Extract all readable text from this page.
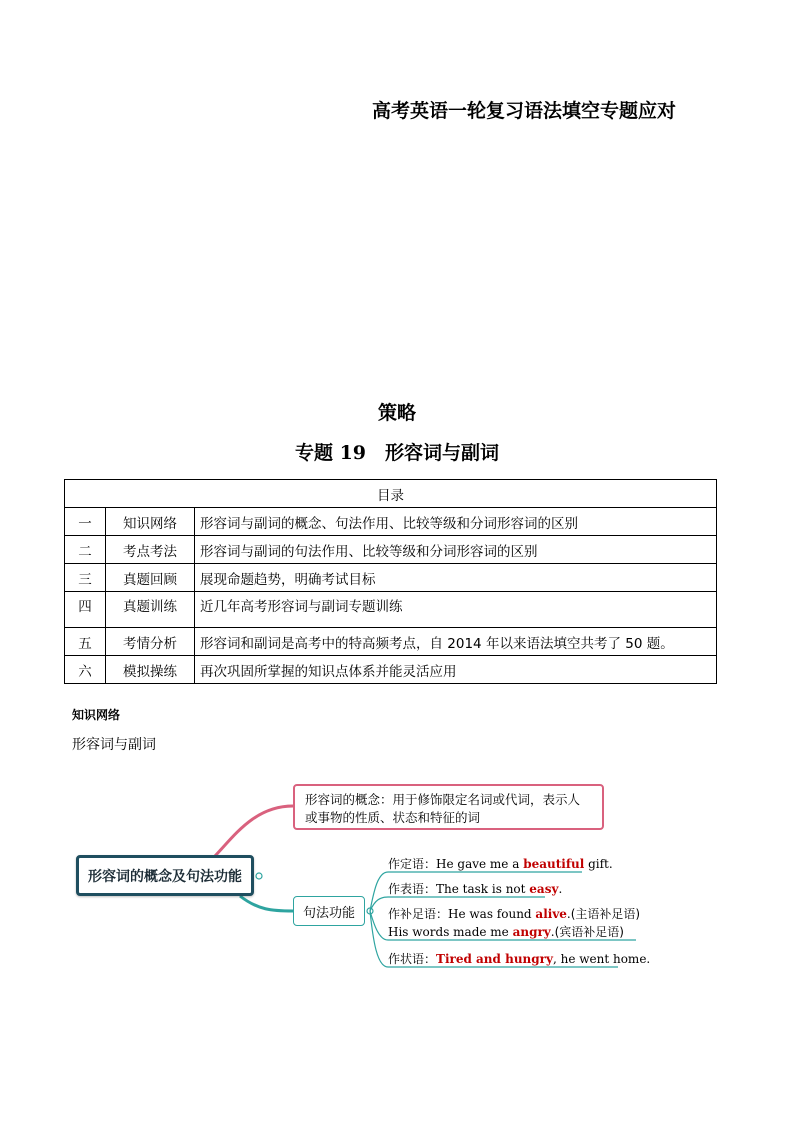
高考英语一轮复习语法填空专题应对
策略
专题 19　形容词与副词
目录		
一	知识网络	形容词与副词的概念、句法作用、比较等级和分词形容词的区别
二	考点考法	形容词与副词的句法作用、比较等级和分词形容词的区别
三	真题回顾	展现命题趋势，明确考试目标
四	真题训练	近几年高考形容词与副词专题训练
五	考情分析	形容词和副词是高考中的特高频考点，自 2014 年以来语法填空共考了 50 题。
六	模拟操练	再次巩固所掌握的知识点体系并能灵活应用
知识网络
形容词与副词
形容词的概念及句法功能
形容词的概念：用于修饰限定名词或代词，表示人或事物的性质、状态和特征的词
句法功能
作定语：He gave me a beautiful gift.
作表语：The task is not easy.
作补足语：He was found alive.(主语补足语)
His words made me angry.(宾语补足语)
作状语：Tired and hungry, he went home.
